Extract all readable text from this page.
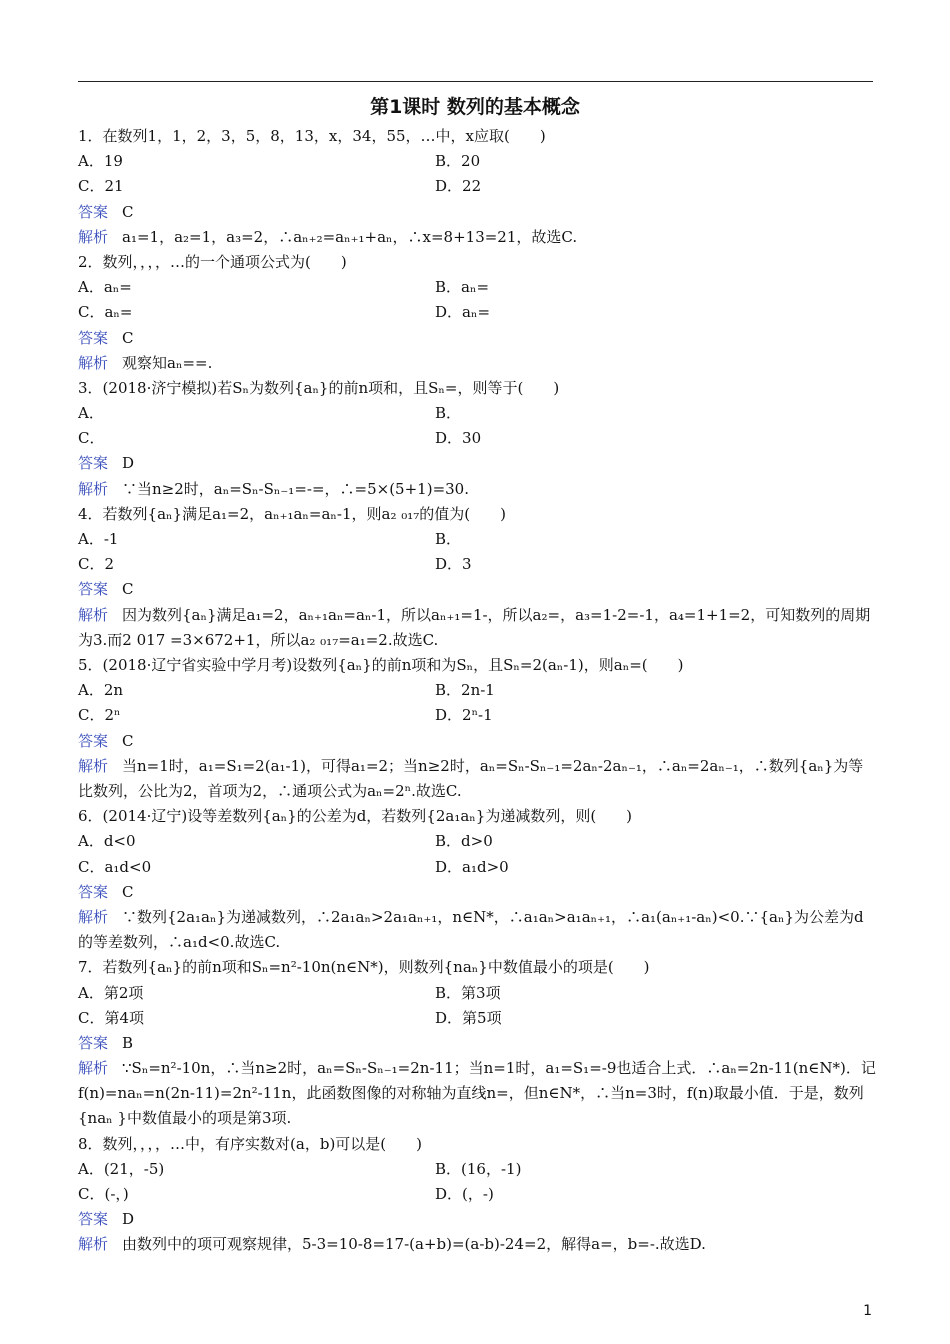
第1课时 数列的基本概念
1．在数列1，1，2，3，5，8，13，x，34，55，…中，x应取(　　)
A．19	B．20
C．21	D．22
答案 C
解析 a₁=1，a₂=1，a₃=2，∴aₙ₊₂=aₙ₊₁+aₙ，∴x=8+13=21，故选C.
2．数列，，，，…的一个通项公式为(　　)
A．aₙ=	B．aₙ=
C．aₙ=	D．aₙ=
答案 C
解析 观察知aₙ==.
3．(2018·济宁模拟)若Sₙ为数列{aₙ}的前n项和，且Sₙ=，则等于(　　)
A．	B．
C．	D．30
答案 D
解析 ∵当n≥2时，aₙ=Sₙ-Sₙ₋₁=-=，∴=5×(5+1)=30.
4．若数列{aₙ}满足a₁=2，aₙ₊₁aₙ=aₙ-1，则a₂ ₀₁₇的值为(　　)
A．-1	B．
C．2	D．3
答案 C
解析 因为数列{aₙ}满足a₁=2，aₙ₊₁aₙ=aₙ-1，所以aₙ₊₁=1-，所以a₂=，a₃=1-2=-1，a₄=1+1=2，可知数列的周期为3.而2 017 =3×672+1，所以a₂ ₀₁₇=a₁=2.故选C.
5．(2018·辽宁省实验中学月考)设数列{aₙ}的前n项和为Sₙ，且Sₙ=2(aₙ-1)，则aₙ=(　　)
A．2n	B．2n-1
C．2ⁿ	D．2ⁿ-1
答案 C
解析 当n=1时，a₁=S₁=2(a₁-1)，可得a₁=2；当n≥2时，aₙ=Sₙ-Sₙ₋₁=2aₙ-2aₙ₋₁，∴aₙ=2aₙ₋₁，∴数列{aₙ}为等比数列，公比为2，首项为2，∴通项公式为aₙ=2ⁿ.故选C.
6．(2014·辽宁)设等差数列{aₙ}的公差为d，若数列{2a₁aₙ}为递减数列，则(　　)
A．d<0	B．d>0
C．a₁d<0	D．a₁d>0
答案 C
解析 ∵数列{2a₁aₙ}为递减数列，∴2a₁aₙ>2a₁aₙ₊₁，n∈N*，∴a₁aₙ>a₁aₙ₊₁，∴a₁(aₙ₊₁-aₙ)<0.∵{aₙ}为公差为d的等差数列，∴a₁d<0.故选C.
7．若数列{aₙ}的前n项和Sₙ=n²-10n(n∈N*)，则数列{naₙ}中数值最小的项是(　　)
A．第2项	B．第3项
C．第4项	D．第5项
答案 B
解析 ∵Sₙ=n²-10n，∴当n≥2时，aₙ=Sₙ-Sₙ₋₁=2n-11；当n=1时，a₁=S₁=-9也适合上式．∴aₙ=2n-11(n∈N*)．记f(n)=naₙ=n(2n-11)=2n²-11n，此函数图像的对称轴为直线n=，但n∈N*，∴当n=3时，f(n)取最小值．于是，数列{naₙ }中数值最小的项是第3项.
8．数列，，，，…中，有序实数对(a，b)可以是(　　)
A．(21，-5)	B．(16，-1)
C．(-，)	D．(，-)
答案 D
解析 由数列中的项可观察规律，5-3=10-8=17-(a+b)=(a-b)-24=2，解得a=，b=-.故选D.
1
